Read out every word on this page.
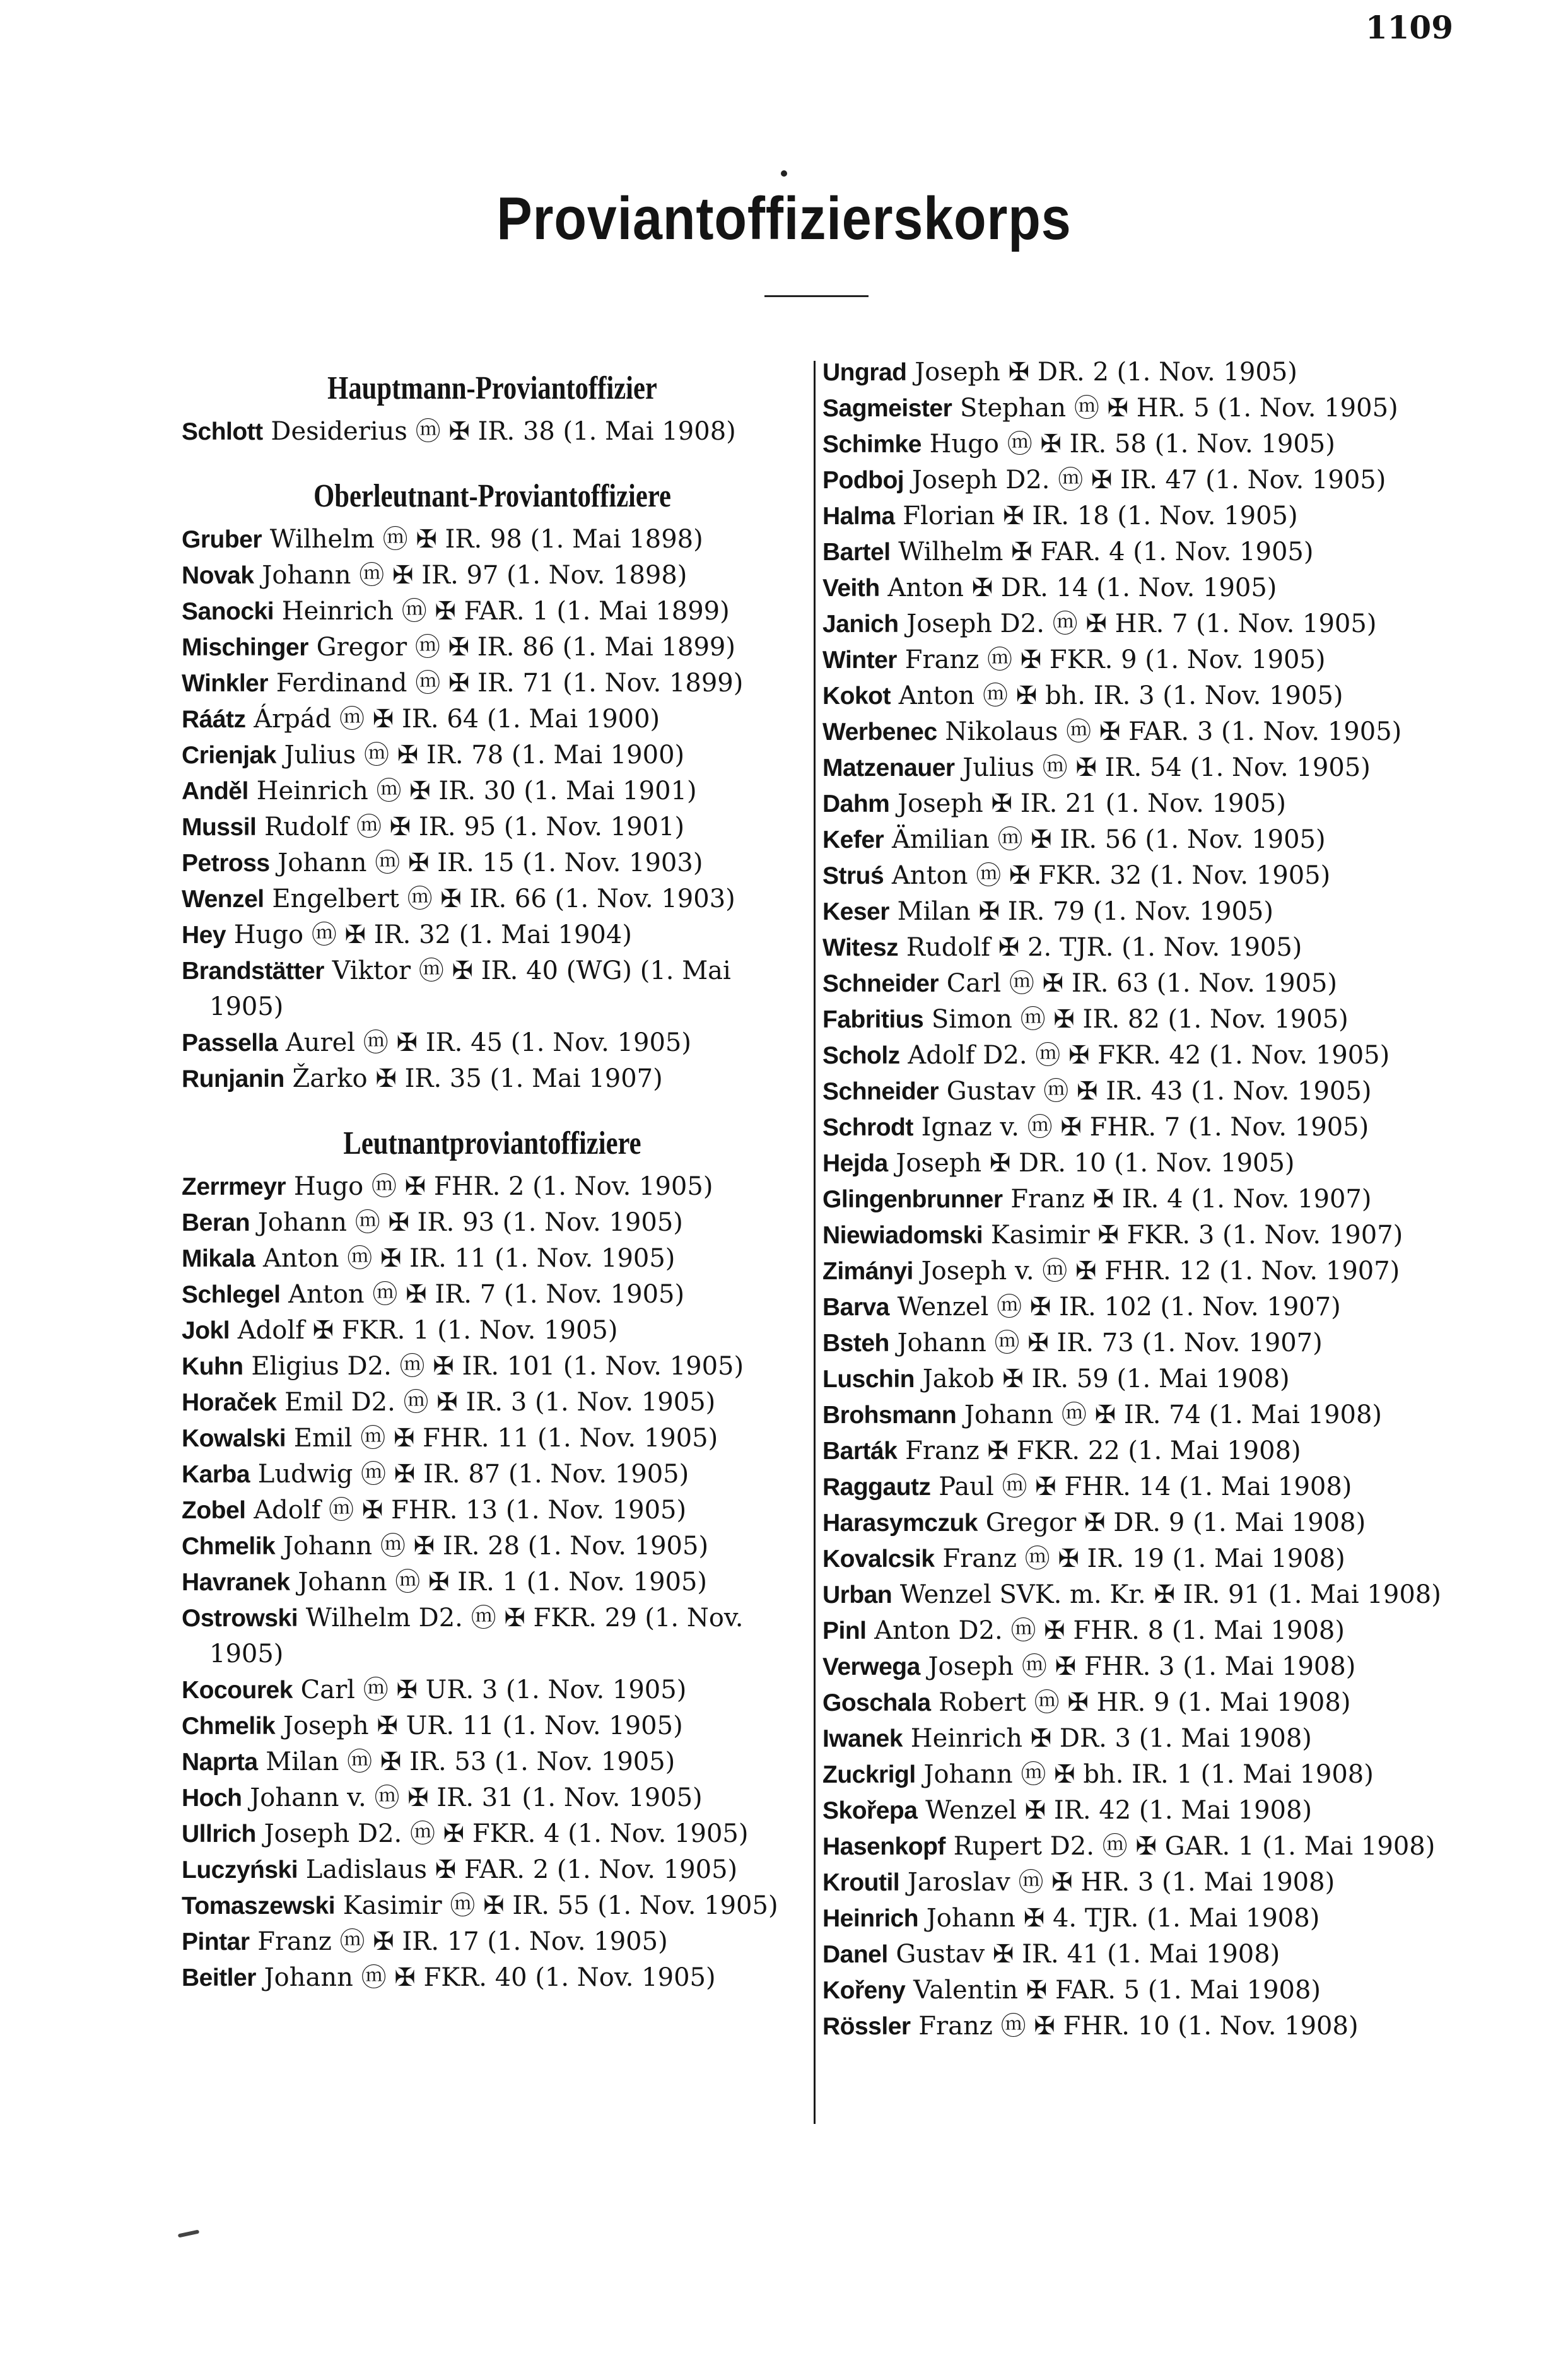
1109
Proviantoffizierskorps
Hauptmann-Proviantoffizier
Schlott Desiderius ⓜ ✠ IR. 38 (1. Mai 1908)
Oberleutnant-Proviantoffiziere
Gruber Wilhelm ⓜ ✠ IR. 98 (1. Mai 1898)
Novak Johann ⓜ ✠ IR. 97 (1. Nov. 1898)
Sanocki Heinrich ⓜ ✠ FAR. 1 (1. Mai 1899)
Mischinger Gregor ⓜ ✠ IR. 86 (1. Mai 1899)
Winkler Ferdinand ⓜ ✠ IR. 71 (1. Nov. 1899)
Ráátz Árpád ⓜ ✠ IR. 64 (1. Mai 1900)
Crienjak Julius ⓜ ✠ IR. 78 (1. Mai 1900)
Anděl Heinrich ⓜ ✠ IR. 30 (1. Mai 1901)
Mussil Rudolf ⓜ ✠ IR. 95 (1. Nov. 1901)
Petross Johann ⓜ ✠ IR. 15 (1. Nov. 1903)
Wenzel Engelbert ⓜ ✠ IR. 66 (1. Nov. 1903)
Hey Hugo ⓜ ✠ IR. 32 (1. Mai 1904)
Brandstätter Viktor ⓜ ✠ IR. 40 (WG) (1. Mai 1905)
Passella Aurel ⓜ ✠ IR. 45 (1. Nov. 1905)
Runjanin Žarko ✠ IR. 35 (1. Mai 1907)
Leutnantproviantoffiziere
Zerrmeyr Hugo ⓜ ✠ FHR. 2 (1. Nov. 1905)
Beran Johann ⓜ ✠ IR. 93 (1. Nov. 1905)
Mikala Anton ⓜ ✠ IR. 11 (1. Nov. 1905)
Schlegel Anton ⓜ ✠ IR. 7 (1. Nov. 1905)
Jokl Adolf ✠ FKR. 1 (1. Nov. 1905)
Kuhn Eligius D2. ⓜ ✠ IR. 101 (1. Nov. 1905)
Horaček Emil D2. ⓜ ✠ IR. 3 (1. Nov. 1905)
Kowalski Emil ⓜ ✠ FHR. 11 (1. Nov. 1905)
Karba Ludwig ⓜ ✠ IR. 87 (1. Nov. 1905)
Zobel Adolf ⓜ ✠ FHR. 13 (1. Nov. 1905)
Chmelik Johann ⓜ ✠ IR. 28 (1. Nov. 1905)
Havranek Johann ⓜ ✠ IR. 1 (1. Nov. 1905)
Ostrowski Wilhelm D2. ⓜ ✠ FKR. 29 (1. Nov. 1905)
Kocourek Carl ⓜ ✠ UR. 3 (1. Nov. 1905)
Chmelik Joseph ✠ UR. 11 (1. Nov. 1905)
Naprta Milan ⓜ ✠ IR. 53 (1. Nov. 1905)
Hoch Johann v. ⓜ ✠ IR. 31 (1. Nov. 1905)
Ullrich Joseph D2. ⓜ ✠ FKR. 4 (1. Nov. 1905)
Luczyński Ladislaus ✠ FAR. 2 (1. Nov. 1905)
Tomaszewski Kasimir ⓜ ✠ IR. 55 (1. Nov. 1905)
Pintar Franz ⓜ ✠ IR. 17 (1. Nov. 1905)
Beitler Johann ⓜ ✠ FKR. 40 (1. Nov. 1905)
Ungrad Joseph ✠ DR. 2 (1. Nov. 1905)
Sagmeister Stephan ⓜ ✠ HR. 5 (1. Nov. 1905)
Schimke Hugo ⓜ ✠ IR. 58 (1. Nov. 1905)
Podboj Joseph D2. ⓜ ✠ IR. 47 (1. Nov. 1905)
Halma Florian ✠ IR. 18 (1. Nov. 1905)
Bartel Wilhelm ✠ FAR. 4 (1. Nov. 1905)
Veith Anton ✠ DR. 14 (1. Nov. 1905)
Janich Joseph D2. ⓜ ✠ HR. 7 (1. Nov. 1905)
Winter Franz ⓜ ✠ FKR. 9 (1. Nov. 1905)
Kokot Anton ⓜ ✠ bh. IR. 3 (1. Nov. 1905)
Werbenec Nikolaus ⓜ ✠ FAR. 3 (1. Nov. 1905)
Matzenauer Julius ⓜ ✠ IR. 54 (1. Nov. 1905)
Dahm Joseph ✠ IR. 21 (1. Nov. 1905)
Kefer Ämilian ⓜ ✠ IR. 56 (1. Nov. 1905)
Struś Anton ⓜ ✠ FKR. 32 (1. Nov. 1905)
Keser Milan ✠ IR. 79 (1. Nov. 1905)
Witesz Rudolf ✠ 2. TJR. (1. Nov. 1905)
Schneider Carl ⓜ ✠ IR. 63 (1. Nov. 1905)
Fabritius Simon ⓜ ✠ IR. 82 (1. Nov. 1905)
Scholz Adolf D2. ⓜ ✠ FKR. 42 (1. Nov. 1905)
Schneider Gustav ⓜ ✠ IR. 43 (1. Nov. 1905)
Schrodt Ignaz v. ⓜ ✠ FHR. 7 (1. Nov. 1905)
Hejda Joseph ✠ DR. 10 (1. Nov. 1905)
Glingenbrunner Franz ✠ IR. 4 (1. Nov. 1907)
Niewiadomski Kasimir ✠ FKR. 3 (1. Nov. 1907)
Zimányi Joseph v. ⓜ ✠ FHR. 12 (1. Nov. 1907)
Barva Wenzel ⓜ ✠ IR. 102 (1. Nov. 1907)
Bsteh Johann ⓜ ✠ IR. 73 (1. Nov. 1907)
Luschin Jakob ✠ IR. 59 (1. Mai 1908)
Brohsmann Johann ⓜ ✠ IR. 74 (1. Mai 1908)
Barták Franz ✠ FKR. 22 (1. Mai 1908)
Raggautz Paul ⓜ ✠ FHR. 14 (1. Mai 1908)
Harasymczuk Gregor ✠ DR. 9 (1. Mai 1908)
Kovalcsik Franz ⓜ ✠ IR. 19 (1. Mai 1908)
Urban Wenzel SVK. m. Kr. ✠ IR. 91 (1. Mai 1908)
Pinl Anton D2. ⓜ ✠ FHR. 8 (1. Mai 1908)
Verwega Joseph ⓜ ✠ FHR. 3 (1. Mai 1908)
Goschala Robert ⓜ ✠ HR. 9 (1. Mai 1908)
Iwanek Heinrich ✠ DR. 3 (1. Mai 1908)
Zuckrigl Johann ⓜ ✠ bh. IR. 1 (1. Mai 1908)
Skořepa Wenzel ✠ IR. 42 (1. Mai 1908)
Hasenkopf Rupert D2. ⓜ ✠ GAR. 1 (1. Mai 1908)
Kroutil Jaroslav ⓜ ✠ HR. 3 (1. Mai 1908)
Heinrich Johann ✠ 4. TJR. (1. Mai 1908)
Danel Gustav ✠ IR. 41 (1. Mai 1908)
Kořeny Valentin ✠ FAR. 5 (1. Mai 1908)
Rössler Franz ⓜ ✠ FHR. 10 (1. Nov. 1908)
